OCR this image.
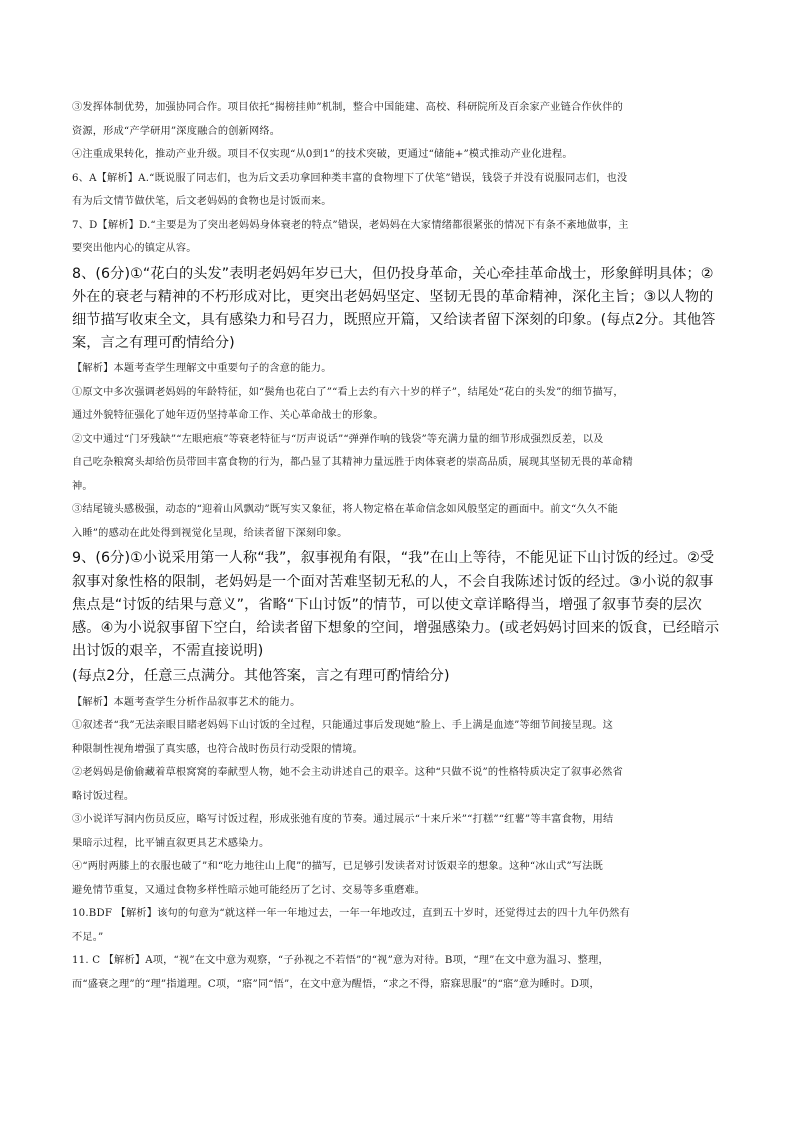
③发挥体制优势，加强协同合作。项目依托“揭榜挂帅”机制，整合中国能建、高校、科研院所及百余家产业链合作伙伴的
资源，形成“产学研用”深度融合的创新网络。
④注重成果转化，推动产业升级。项目不仅实现“从0到1”的技术突破，更通过“储能+”模式推动产业化进程。
6、A【解析】A.“既说服了同志们，也为后文丢功拿回种类丰富的食物埋下了伏笔”错误，钱袋子并没有说服同志们，也没
有为后文情节做伏笔，后文老妈妈的食物也是讨饭而来。
7、D【解析】D.“主要是为了突出老妈妈身体衰老的特点”错误，老妈妈在大家情绪都很紧张的情况下有条不紊地做事，主
要突出他内心的镇定从容。
8、(6分)①“花白的头发”表明老妈妈年岁已大，但仍投身革命，关心牵挂革命战士，形象鲜明具体；②外在的衰老与精神的不朽形成对比，更突出老妈妈坚定、坚韧无畏的革命精神，深化主旨；③以人物的细节描写收束全文，具有感染力和号召力，既照应开篇，又给读者留下深刻的印象。(每点2分。其他答案，言之有理可酌情给分)
【解析】本题考查学生理解文中重要句子的含意的能力。
①原文中多次强调老妈妈的年龄特征，如“鬓角也花白了”“看上去约有六十岁的样子”，结尾处“花白的头发”的细节描写，
通过外貌特征强化了她年迈仍坚持革命工作、关心革命战士的形象。
②文中通过“门牙残缺”“左眼疤痕”等衰老特征与“厉声说话”“弹弹作响的钱袋”等充满力量的细节形成强烈反差，以及
自己吃杂粮窝头却给伤员带回丰富食物的行为，都凸显了其精神力量远胜于肉体衰老的崇高品质，展现其坚韧无畏的革命精
神。
③结尾镜头感极强，动态的“迎着山风飘动”既写实又象征，将人物定格在革命信念如风般坚定的画面中。前文“久久不能
入睡”的感动在此处得到视觉化呈现，给读者留下深刻印象。
9、(6分)①小说采用第一人称“我”，叙事视角有限，“我”在山上等待，不能见证下山讨饭的经过。②受叙事对象性格的限制，老妈妈是一个面对苦难坚韧无私的人，不会自我陈述讨饭的经过。③小说的叙事焦点是“讨饭的结果与意义”，省略“下山讨饭”的情节，可以使文章详略得当，增强了叙事节奏的层次感。④为小说叙事留下空白，给读者留下想象的空间，增强感染力。(或老妈妈讨回来的饭食，已经暗示出讨饭的艰辛，不需直接说明)
(每点2分，任意三点满分。其他答案，言之有理可酌情给分)
【解析】本题考查学生分析作品叙事艺术的能力。
①叙述者“我”无法亲眼目睹老妈妈下山讨饭的全过程，只能通过事后发现她“脸上、手上满是血迹”等细节间接呈现。这
种限制性视角增强了真实感，也符合战时伤员行动受限的情境。
②老妈妈是偷偷藏着草根窝窝的奉献型人物，她不会主动讲述自己的艰辛。这种“只做不说”的性格特质决定了叙事必然省
略讨饭过程。
③小说详写洞内伤员反应，略写讨饭过程，形成张弛有度的节奏。通过展示“十来斤米”“打糕”“红薯”等丰富食物，用结
果暗示过程，比平铺直叙更具艺术感染力。
④“两肘两膝上的衣服也破了”和“吃力地往山上爬”的描写，已足够引发读者对讨饭艰辛的想象。这种“冰山式”写法既
避免情节重复，又通过食物多样性暗示她可能经历了乞讨、交易等多重磨难。
10.BDF 【解析】该句的句意为“就这样一年一年地过去，一年一年地改过，直到五十岁时，还觉得过去的四十九年仍然有
不足。”
11. C 【解析】A项，“视”在文中意为观察，“子孙视之不若悟”的“视”意为对待。B项，“理”在文中意为温习、整理，
而“盛衰之理”的“理”指道理。C项，“寤”同“悟”，在文中意为醒悟，“求之不得，寤寐思服”的“寤”意为睡时。D项，
